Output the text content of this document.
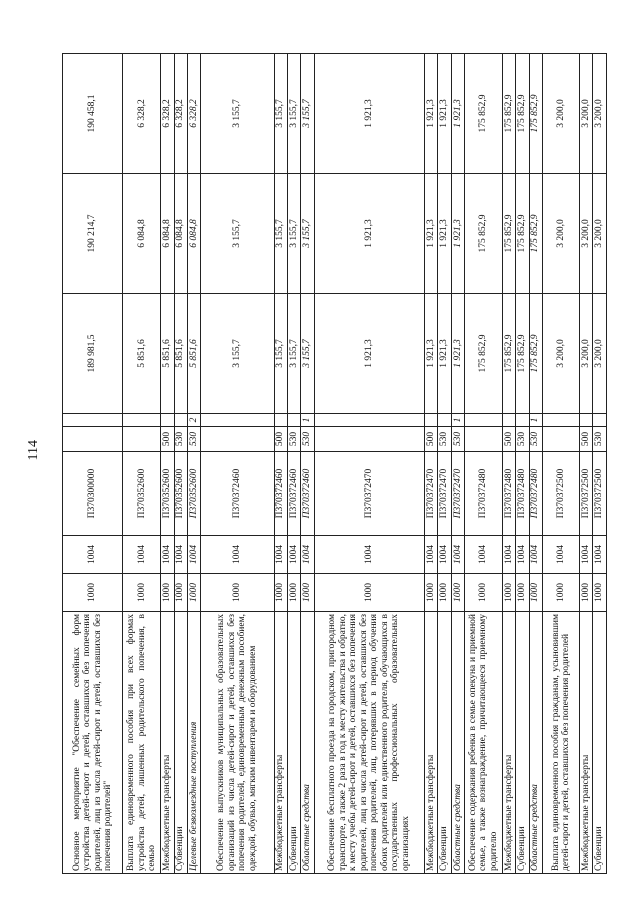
114
Основное мероприятие "Обеспечение семейных форм устройства детей-сирот и детей, оставшихся без попечения родителей, лиц из числа детей-сирот и детей, оставшихся без попечения родителей"	1000	1004	П370300000			189 981,5	190 214,7	190 458,1
Выплата единовременного пособия при всех формах устройства детей, лишенных родительского попечения, в семью	1000	1004	П370352600			5 851,6	6 084,8	6 328,2
Межбюджетные трансферты	1000	1004	П370352600	500		5 851,6	6 084,8	6 328,2
Субвенции	1000	1004	П370352600	530		5 851,6	6 084,8	6 328,2
Целевые безвозмездные поступления	1000	1004	П370352600	530	2	5 851,6	6 084,8	6 328,2
Обеспечение выпускников муниципальных образовательных организаций из числа детей-сирот и детей, оставшихся без попечения родителей, единовременным денежным пособием, одеждой, обувью, мягким инвентарем и оборудованием	1000	1004	П370372460			3 155,7	3 155,7	3 155,7
Межбюджетные трансферты	1000	1004	П370372460	500		3 155,7	3 155,7	3 155,7
Субвенции	1000	1004	П370372460	530		3 155,7	3 155,7	3 155,7
Областные средства	1000	1004	П370372460	530	1	3 155,7	3 155,7	3 155,7
Обеспечение бесплатного проезда на городском, пригородном транспорте, а также 2 раза в год к месту жительства и обратно, к месту учебы детей-сирот и детей, оставшихся без попечения родителей, лиц из числа детей-сирот и детей, оставшихся без попечения родителей, лиц, потерявших в период обучения обоих родителей или единственного родителя, обучающихся в государственных профессиональных образовательных организациях	1000	1004	П370372470			1 921,3	1 921,3	1 921,3
Межбюджетные трансферты	1000	1004	П370372470	500		1 921,3	1 921,3	1 921,3
Субвенции	1000	1004	П370372470	530		1 921,3	1 921,3	1 921,3
Областные средства	1000	1004	П370372470	530	1	1 921,3	1 921,3	1 921,3
Обеспечение содержания ребенка в семье опекуна и приемной семье, а также вознаграждение, причитающееся приемному родителю	1000	1004	П370372480			175 852,9	175 852,9	175 852,9
Межбюджетные трансферты	1000	1004	П370372480	500		175 852,9	175 852,9	175 852,9
Субвенции	1000	1004	П370372480	530		175 852,9	175 852,9	175 852,9
Областные средства	1000	1004	П370372480	530	1	175 852,9	175 852,9	175 852,9
Выплата единовременного пособия гражданам, усыновившим детей-сирот и детей, оставшихся без попечения родителей	1000	1004	П370372500			3 200,0	3 200,0	3 200,0
Межбюджетные трансферты	1000	1004	П370372500	500		3 200,0	3 200,0	3 200,0
Субвенции	1000	1004	П370372500	530		3 200,0	3 200,0	3 200,0
